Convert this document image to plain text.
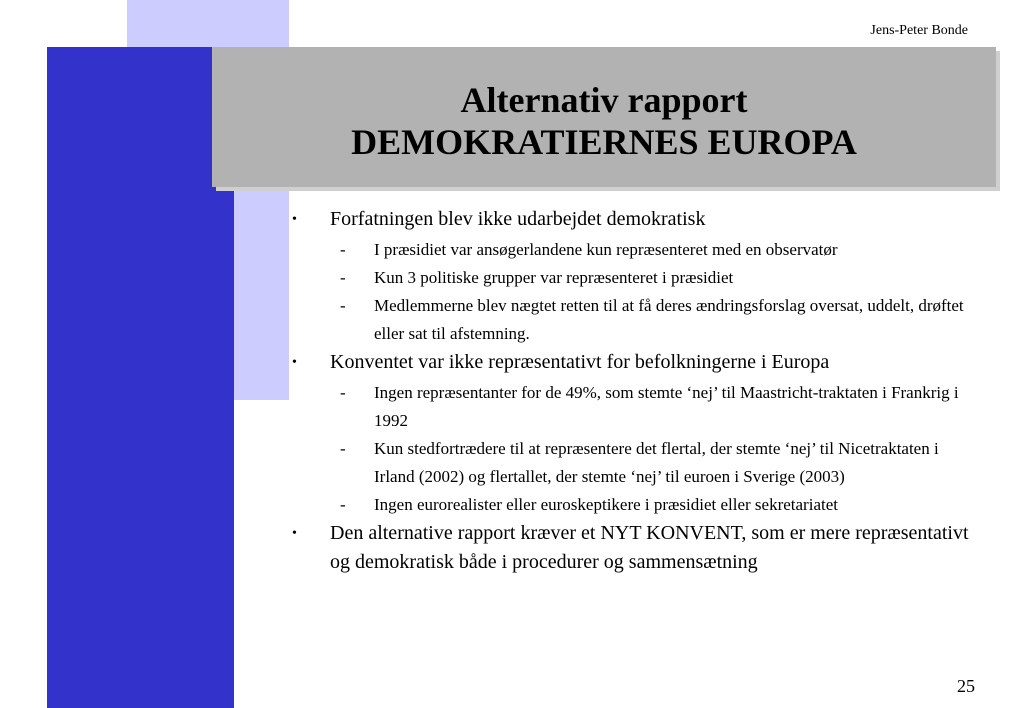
Jens-Peter Bonde
Alternativ rapport
DEMOKRATIERNES EUROPA
•	Forfatningen blev ikke udarbejdet demokratisk
-	I præsidiet var ansøgerlandene kun repræsenteret med en observatør
-	Kun 3 politiske grupper var repræsenteret i præsidiet
-	Medlemmerne blev nægtet retten til at få deres ændringsforslag oversat, uddelt, drøftet eller sat til afstemning.
•	Konventet var ikke repræsentativt for befolkningerne i Europa
-	Ingen repræsentanter for de 49%, som stemte ‘nej’ til Maastricht-traktaten i Frankrig i 1992
-	Kun stedfortrædere til at repræsentere det flertal, der stemte ‘nej’ til Nicetraktaten i Irland (2002) og flertallet, der stemte ‘nej’ til euroen i Sverige (2003)
-	Ingen eurorealister eller euroskeptikere i præsidiet eller sekretariatet
•	Den alternative rapport kræver et NYT KONVENT, som er mere repræsentativt og demokratisk både i procedurer og sammensætning
25
